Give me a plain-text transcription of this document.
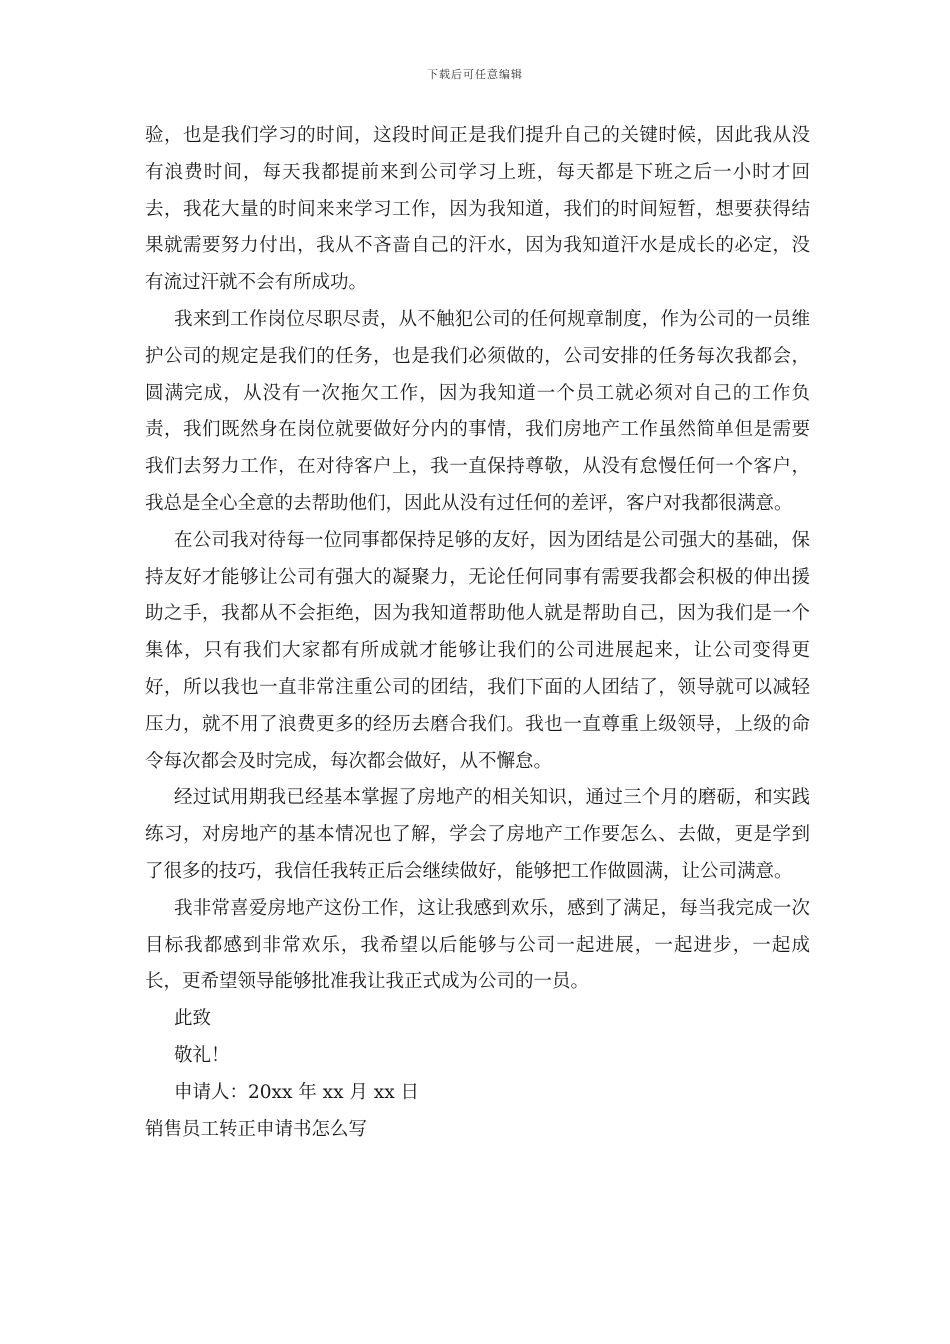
下载后可任意编辑

验，也是我们学习的时间，这段时间正是我们提升自己的关键时候，因此我从没有浪费时间，每天我都提前来到公司学习上班，每天都是下班之后一小时才回去，我花大量的时间来来学习工作，因为我知道，我们的时间短暂，想要获得结果就需要努力付出，我从不吝啬自己的汗水，因为我知道汗水是成长的必定，没有流过汗就不会有所成功。

我来到工作岗位尽职尽责，从不触犯公司的任何规章制度，作为公司的一员维护公司的规定是我们的任务，也是我们必须做的，公司安排的任务每次我都会，圆满完成，从没有一次拖欠工作，因为我知道一个员工就必须对自己的工作负责，我们既然身在岗位就要做好分内的事情，我们房地产工作虽然简单但是需要我们去努力工作，在对待客户上，我一直保持尊敬，从没有怠慢任何一个客户，我总是全心全意的去帮助他们，因此从没有过任何的差评，客户对我都很满意。

在公司我对待每一位同事都保持足够的友好，因为团结是公司强大的基础，保持友好才能够让公司有强大的凝聚力，无论任何同事有需要我都会积极的伸出援助之手，我都从不会拒绝，因为我知道帮助他人就是帮助自己，因为我们是一个集体，只有我们大家都有所成就才能够让我们的公司进展起来，让公司变得更好，所以我也一直非常注重公司的团结，我们下面的人团结了，领导就可以减轻压力，就不用了浪费更多的经历去磨合我们。我也一直尊重上级领导，上级的命令每次都会及时完成，每次都会做好，从不懈怠。

经过试用期我已经基本掌握了房地产的相关知识，通过三个月的磨砺，和实践练习，对房地产的基本情况也了解，学会了房地产工作要怎么、去做，更是学到了很多的技巧，我信任我转正后会继续做好，能够把工作做圆满，让公司满意。

我非常喜爱房地产这份工作，这让我感到欢乐，感到了满足，每当我完成一次目标我都感到非常欢乐，我希望以后能够与公司一起进展，一起进步，一起成长，更希望领导能够批准我让我正式成为公司的一员。

此致

敬礼！

申请人：20xx 年 xx 月 xx 日

销售员工转正申请书怎么写
